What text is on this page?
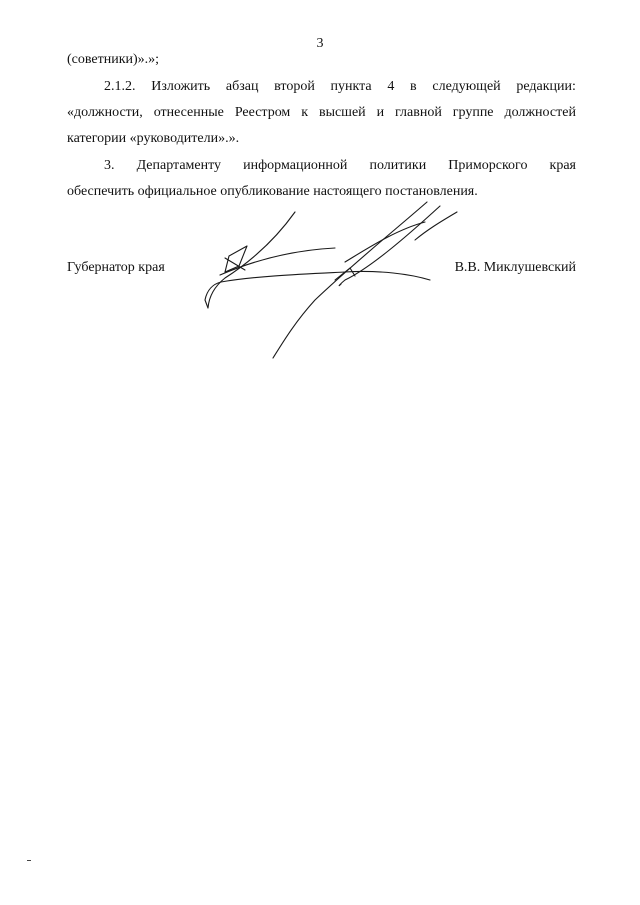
3
(советники)».»;
2.1.2. Изложить абзац второй пункта 4 в следующей редакции:
«должности, отнесенные Реестром к высшей и главной группе должностей
категории «руководители».».
3. Департаменту информационной политики Приморского края
обеспечить официальное опубликование настоящего постановления.
Губернатор края	В.В. Миклушевский
